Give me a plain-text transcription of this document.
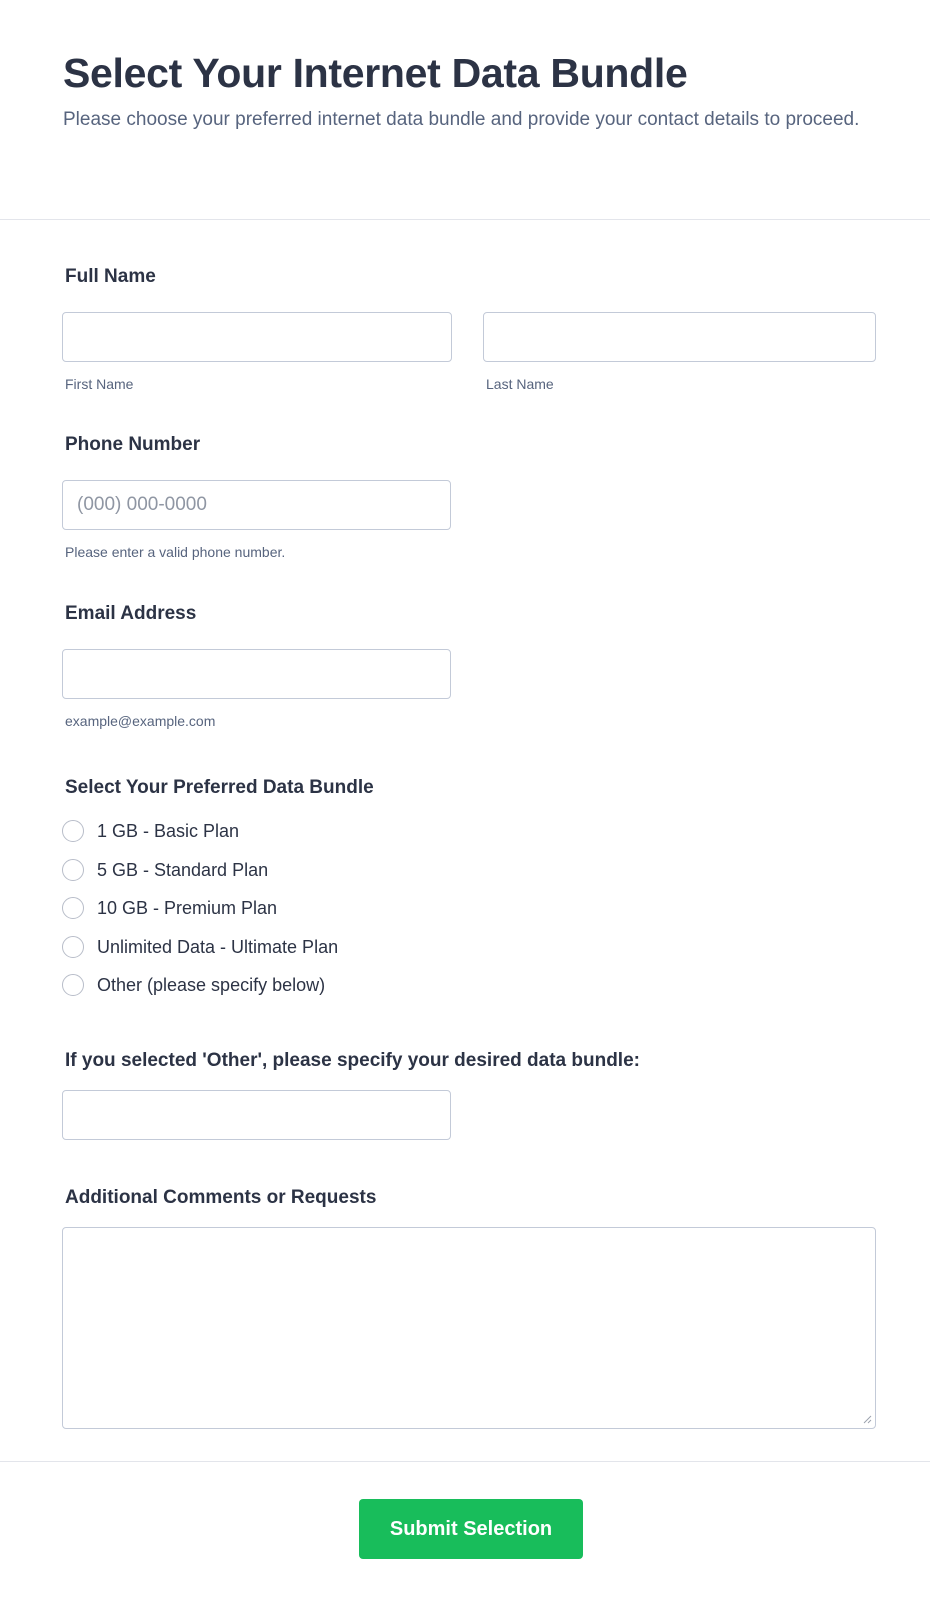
Select Your Internet Data Bundle

Please choose your preferred internet data bundle and provide your contact details to proceed.

Full Name
First Name	Last Name
Phone Number
(000) 000-0000
Please enter a valid phone number.
Email Address
example@example.com
Select Your Preferred Data Bundle
1 GB - Basic Plan
5 GB - Standard Plan
10 GB - Premium Plan
Unlimited Data - Ultimate Plan
Other (please specify below)
If you selected 'Other', please specify your desired data bundle:
Additional Comments or Requests
Submit Selection
